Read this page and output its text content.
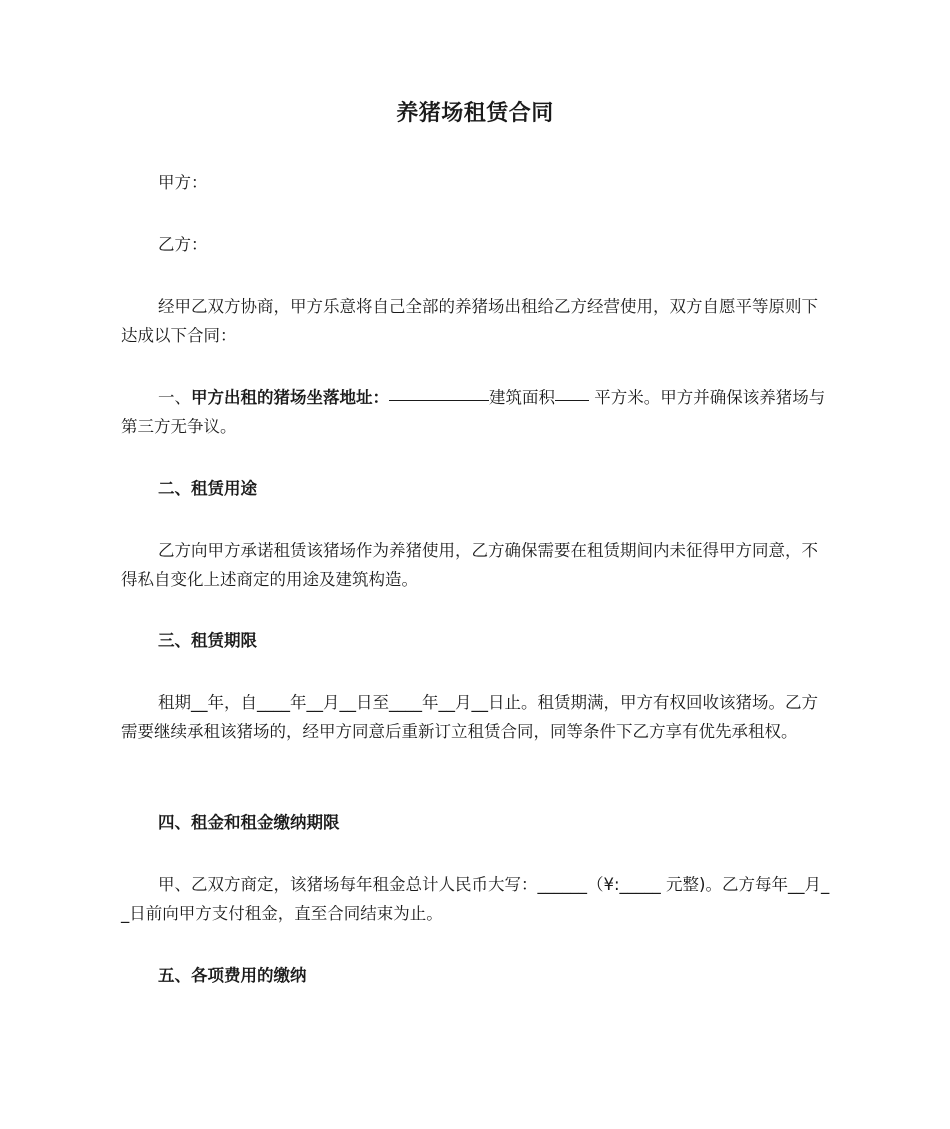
养猪场租赁合同

甲方：

乙方：

经甲乙双方协商，甲方乐意将自己全部的养猪场出租给乙方经营使用，双方自愿平等原则下达成以下合同：

一、甲方出租的猪场坐落地址：	建筑面积 平方米。甲方并确保该养猪场与第三方无争议。

二、租赁用途

乙方向甲方承诺租赁该猪场作为养猪使用，乙方确保需要在租赁期间内未征得甲方同意，不得私自变化上述商定的用途及建筑构造。

三、租赁期限

租期__年，自____年__月__日至____年__月__日止。租赁期满，甲方有权回收该猪场。乙方需要继续承租该猪场的，经甲方同意后重新订立租赁合同，同等条件下乙方享有优先承租权。

四、租金和租金缴纳期限

甲、乙双方商定，该猪场每年租金总计人民币大写：______（¥:_____ 元整)。乙方每年__月__日前向甲方支付租金，直至合同结束为止。

五、各项费用的缴纳
